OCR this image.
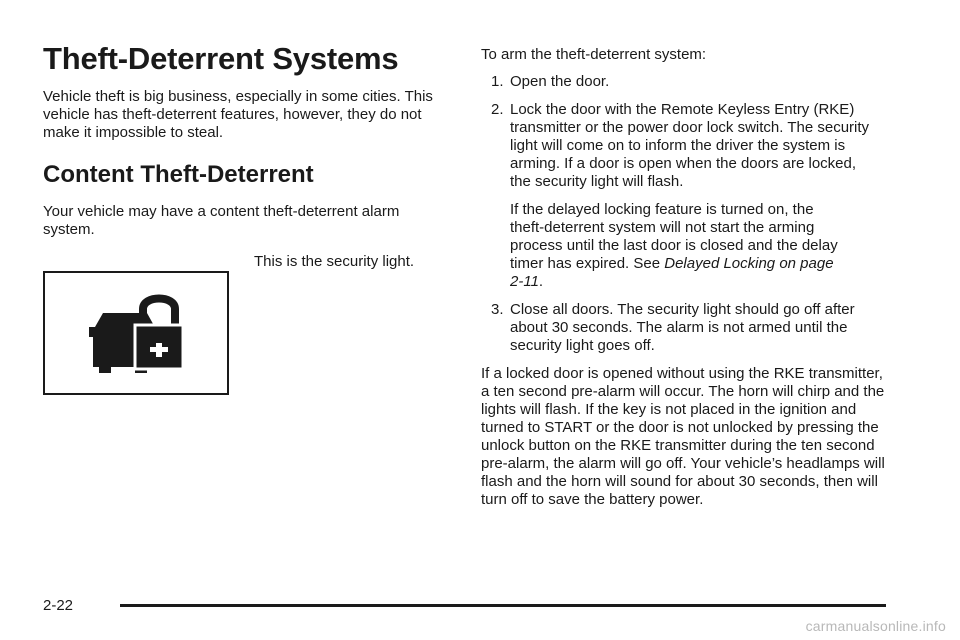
Theft-Deterrent Systems

Vehicle theft is big business, especially in some cities. This vehicle has theft-deterrent features, however, they do not make it impossible to steal.

Content Theft-Deterrent

Your vehicle may have a content theft-deterrent alarm system.

This is the security light.

To arm the theft-deterrent system:

1. Open the door.

2. Lock the door with the Remote Keyless Entry (RKE) transmitter or the power door lock switch. The security light will come on to inform the driver the system is arming. If a door is open when the doors are locked, the security light will flash.

If the delayed locking feature is turned on, the theft-deterrent system will not start the arming process until the last door is closed and the delay timer has expired. See Delayed Locking on page 2-11.

3. Close all doors. The security light should go off after about 30 seconds. The alarm is not armed until the security light goes off.

If a locked door is opened without using the RKE transmitter, a ten second pre-alarm will occur. The horn will chirp and the lights will flash. If the key is not placed in the ignition and turned to START or the door is not unlocked by pressing the unlock button on the RKE transmitter during the ten second pre-alarm, the alarm will go off. Your vehicle’s headlamps will flash and the horn will sound for about 30 seconds, then will turn off to save the battery power.

2-22
carmanualsonline.info
